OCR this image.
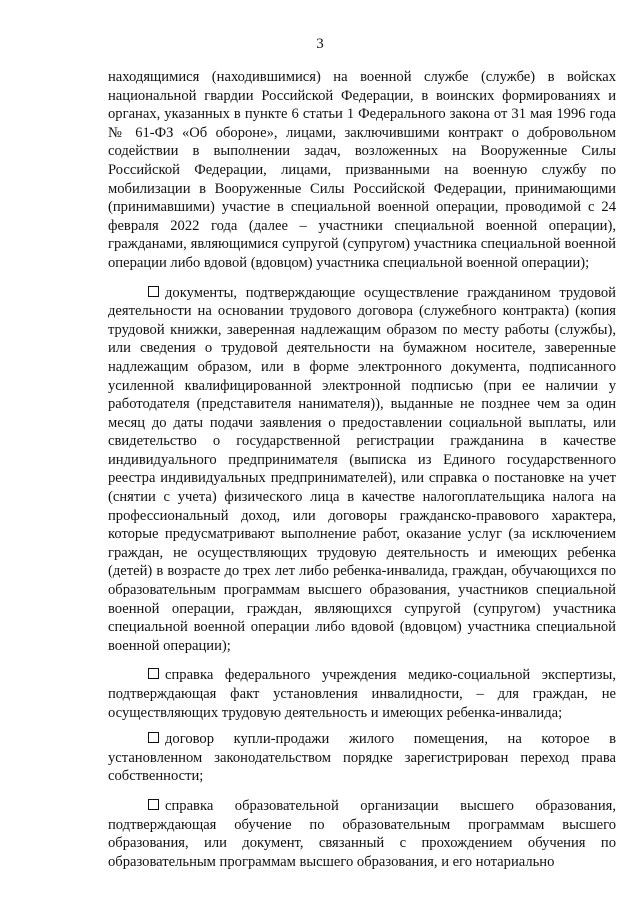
3

находящимися (находившимися) на военной службе (службе) в войсках национальной гвардии Российской Федерации, в воинских формированиях и органах, указанных в пункте 6 статьи 1 Федерального закона от 31 мая 1996 года № 61-ФЗ «Об обороне», лицами, заключившими контракт о добровольном содействии в выполнении задач, возложенных на Вооруженные Силы Российской Федерации, лицами, призванными на военную службу по мобилизации в Вооруженные Силы Российской Федерации, принимающими (принимавшими) участие в специальной военной операции, проводимой с 24 февраля 2022 года (далее – участники специальной военной операции), гражданами, являющимися супругой (супругом) участника специальной военной операции либо вдовой (вдовцом) участника специальной военной операции);

документы, подтверждающие осуществление гражданином трудовой деятельности на основании трудового договора (служебного контракта) (копия трудовой книжки, заверенная надлежащим образом по месту работы (службы), или сведения о трудовой деятельности на бумажном носителе, заверенные надлежащим образом, или в форме электронного документа, подписанного усиленной квалифицированной электронной подписью (при ее наличии у работодателя (представителя нанимателя)), выданные не позднее чем за один месяц до даты подачи заявления о предоставлении социальной выплаты, или свидетельство о государственной регистрации гражданина в качестве индивидуального предпринимателя (выписка из Единого государственного реестра индивидуальных предпринимателей), или справка о постановке на учет (снятии с учета) физического лица в качестве налогоплательщика налога на профессиональный доход, или договоры гражданско-правового характера, которые предусматривают выполнение работ, оказание услуг (за исключением граждан, не осуществляющих трудовую деятельность и имеющих ребенка (детей) в возрасте до трех лет либо ребенка-инвалида, граждан, обучающихся по образовательным программам высшего образования, участников специальной военной операции, граждан, являющихся супругой (супругом) участника специальной военной операции либо вдовой (вдовцом) участника специальной военной операции);

справка федерального учреждения медико-социальной экспертизы, подтверждающая факт установления инвалидности, – для граждан, не осуществляющих трудовую деятельность и имеющих ребенка-инвалида;

договор купли-продажи жилого помещения, на которое в установленном законодательством порядке зарегистрирован переход права собственности;

справка образовательной организации высшего образования, подтверждающая обучение по образовательным программам высшего образования, или документ, связанный с прохождением обучения по образовательным программам высшего образования, и его нотариально
